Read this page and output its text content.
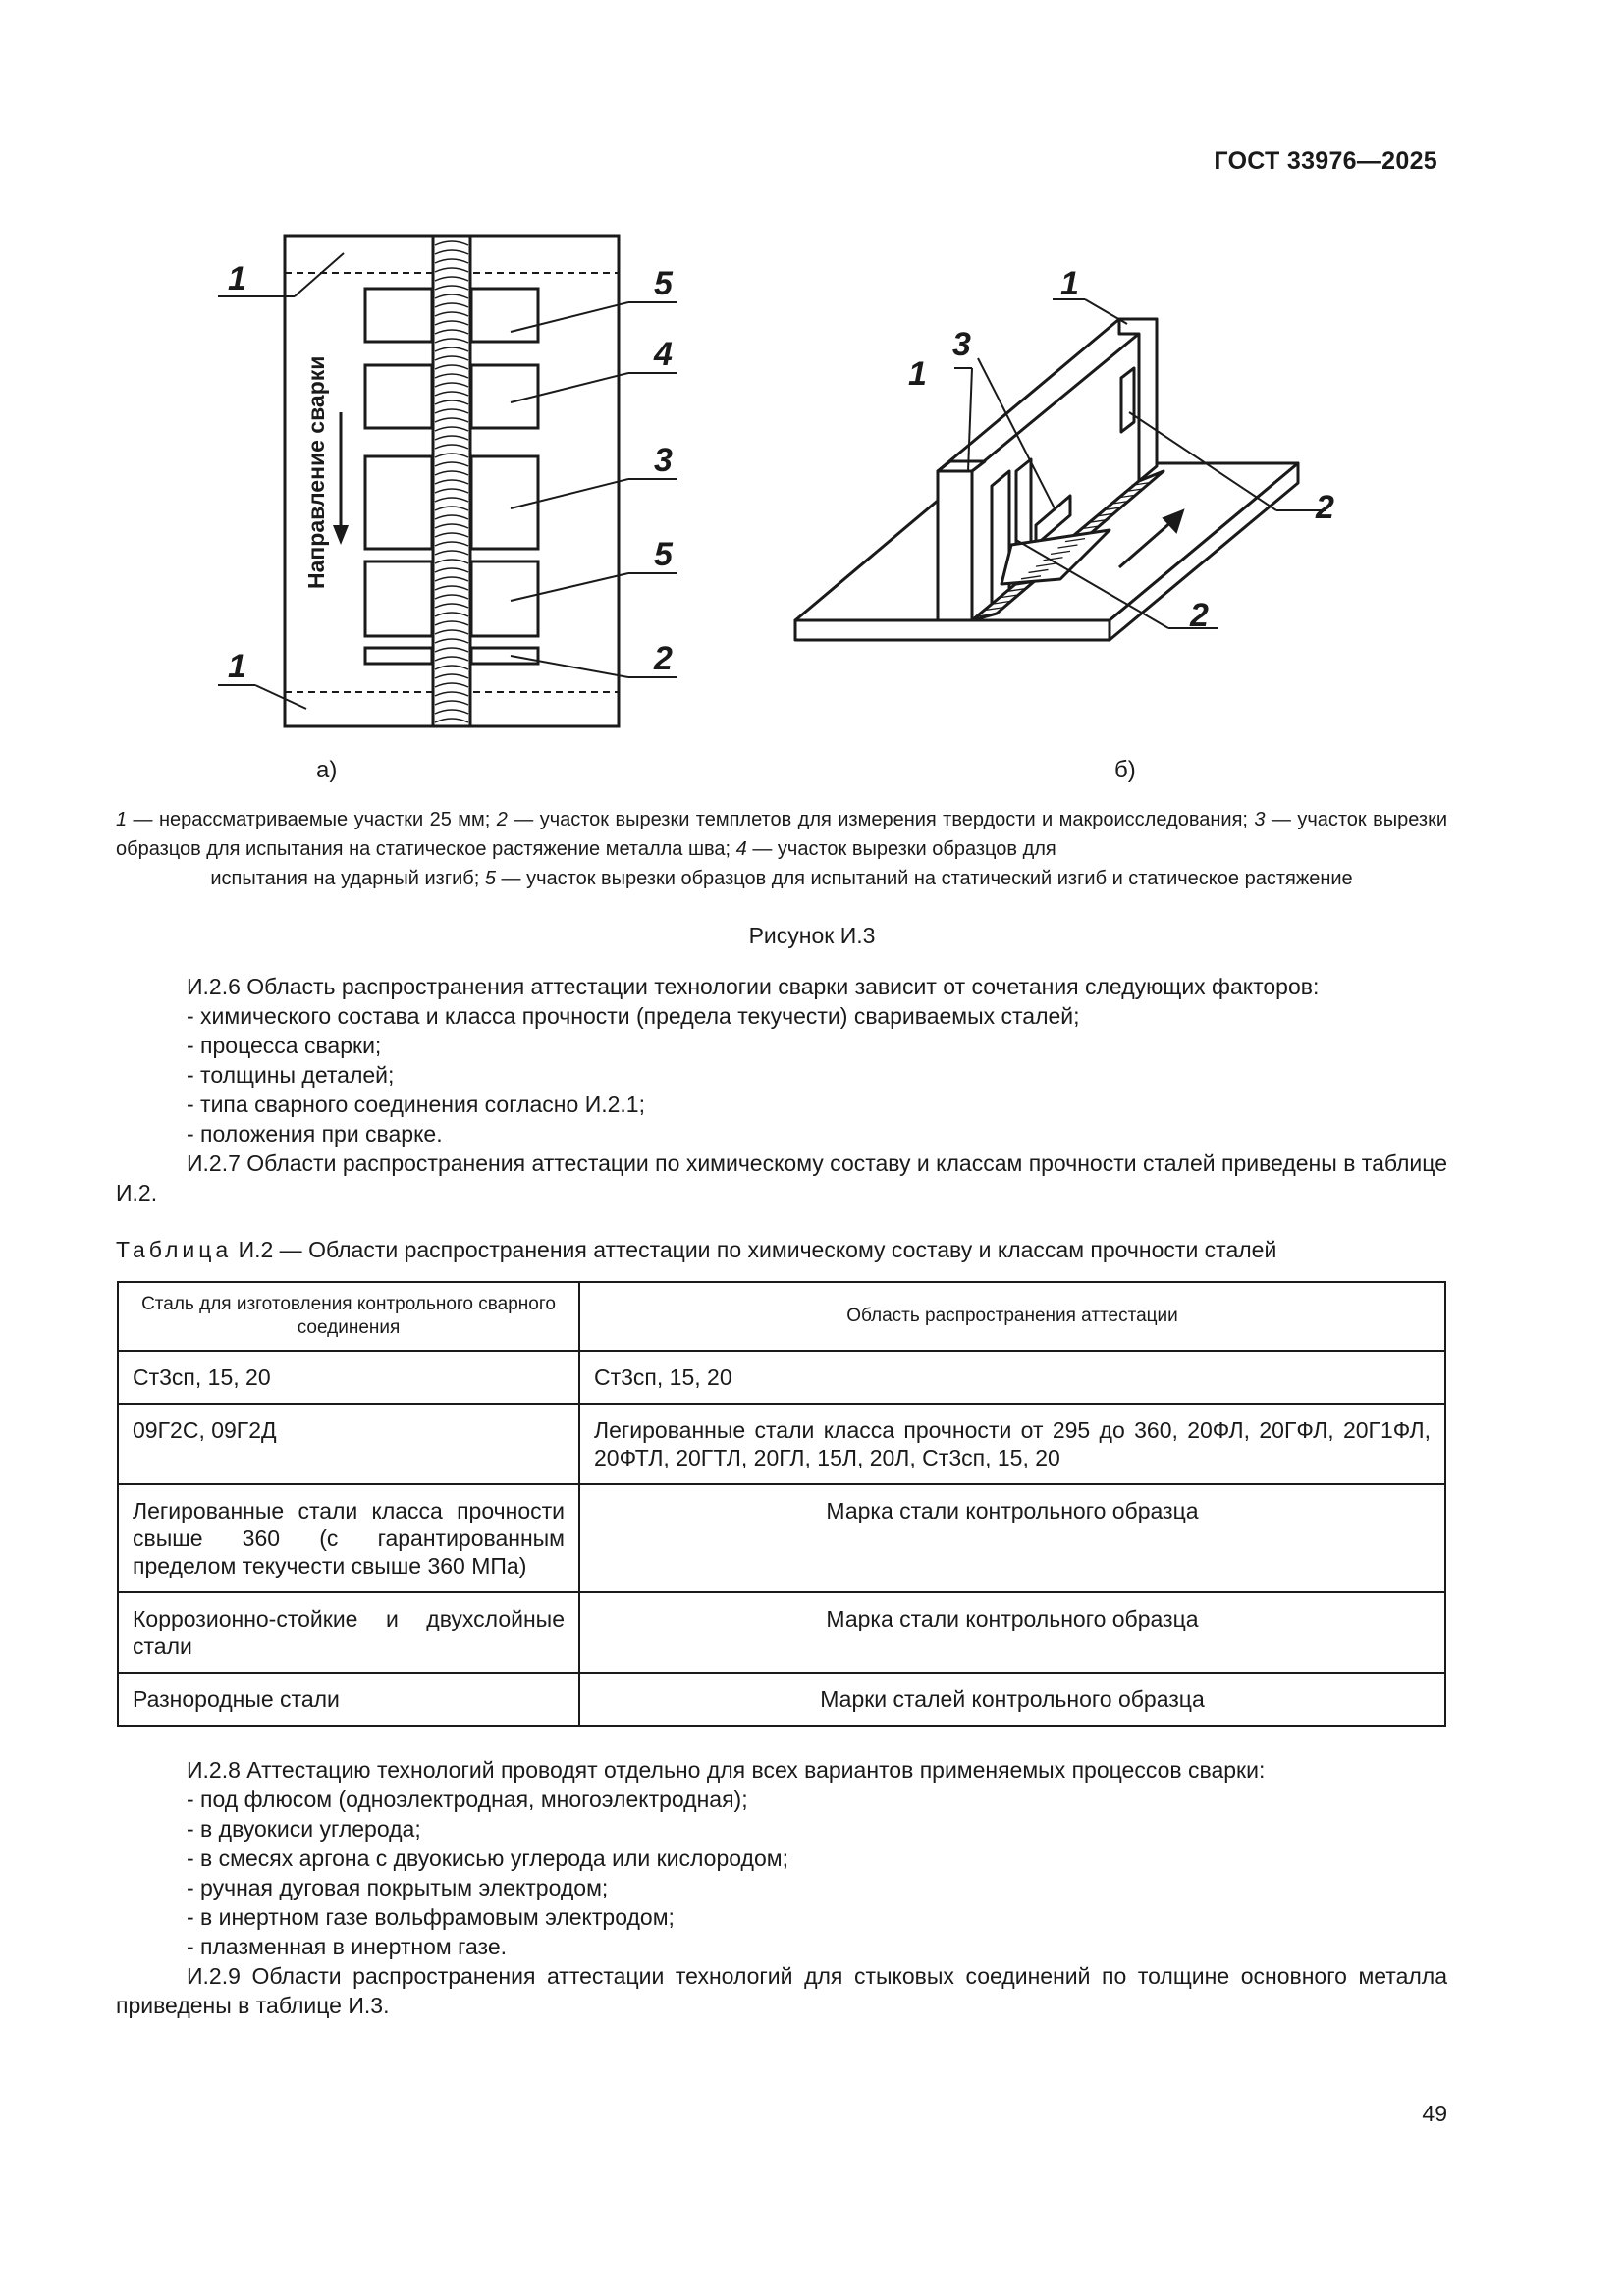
ГОСТ 33976—2025
1	5
4
3
5
2
1
Направление сварки
а)
1
3
1
2
2
б)
1 — нерассматриваемые участки 25 мм; 2 — участок вырезки темплетов для измерения твердости и макроисследования; 3 — участок вырезки образцов для испытания на статическое растяжение металла шва; 4 — участок вырезки образцов для
испытания на ударный изгиб; 5 — участок вырезки образцов для испытаний на статический изгиб и статическое растяжение
Рисунок И.3

И.2.6 Область распространения аттестации технологии сварки зависит от сочетания следующих факторов:

- химического состава и класса прочности (предела текучести) свариваемых сталей;

- процесса сварки;

- толщины деталей;

- типа сварного соединения согласно И.2.1;

- положения при сварке.

И.2.7 Области распространения аттестации по химическому составу и классам прочности сталей приведены в таблице И.2.

Таблица И.2 — Области распространения аттестации по химическому составу и классам прочности сталей
Сталь для изготовления контрольного сварного соединения	Область распространения аттестации
Ст3сп, 15, 20	Ст3сп, 15, 20
09Г2С, 09Г2Д	Легированные стали класса прочности от 295 до 360, 20ФЛ, 20ГФЛ, 20Г1ФЛ, 20ФТЛ, 20ГТЛ, 20ГЛ, 15Л, 20Л, Ст3сп, 15, 20
Легированные стали класса прочности свыше 360 (с гарантированным пределом текучести свыше 360 МПа)	Марка стали контрольного образца
Коррозионно-стойкие и двухслойные стали	Марка стали контрольного образца
Разнородные стали	Марки сталей контрольного образца

И.2.8 Аттестацию технологий проводят отдельно для всех вариантов применяемых процессов сварки:

- под флюсом (одноэлектродная, многоэлектродная);

- в двуокиси углерода;

- в смесях аргона с двуокисью углерода или кислородом;

- ручная дуговая покрытым электродом;

- в инертном газе вольфрамовым электродом;

- плазменная в инертном газе.

И.2.9 Области распространения аттестации технологий для стыковых соединений по толщине основного металла приведены в таблице И.3.

49
